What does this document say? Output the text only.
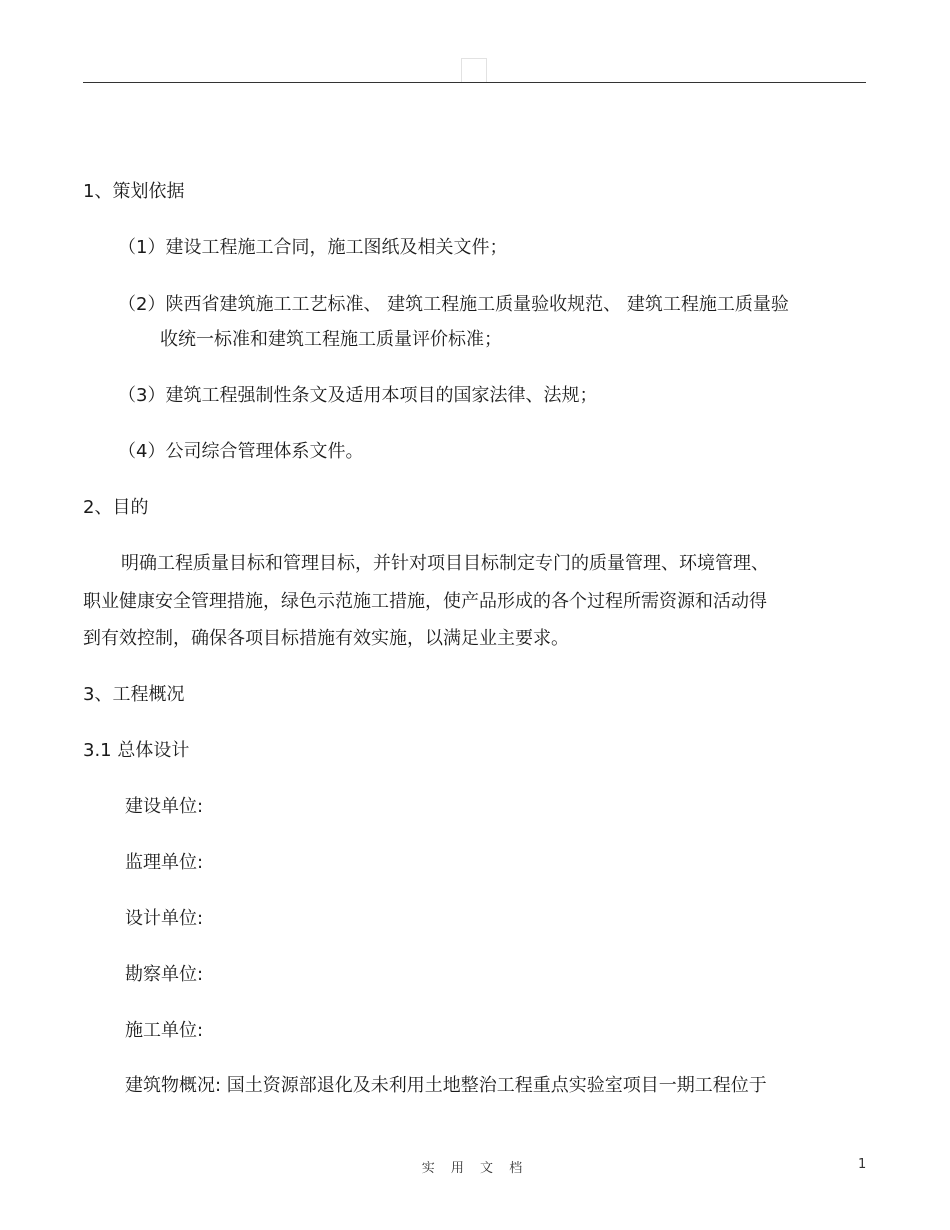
1、策划依据
（1）建设工程施工合同，施工图纸及相关文件；
（2）陕西省建筑施工工艺标准、 建筑工程施工质量验收规范、 建筑工程施工质量验
收统一标准和建筑工程施工质量评价标准；
（3）建筑工程强制性条文及适用本项目的国家法律、法规；
（4）公司综合管理体系文件。
2、目的
明确工程质量目标和管理目标，并针对项目目标制定专门的质量管理、环境管理、
职业健康安全管理措施，绿色示范施工措施，使产品形成的各个过程所需资源和活动得
到有效控制，确保各项目标措施有效实施，以满足业主要求。
3、工程概况
3.1 总体设计
建设单位:
监理单位:
设计单位:
勘察单位:
施工单位:
建筑物概况: 国土资源部退化及未利用土地整治工程重点实验室项目一期工程位于
实 用 文 档	1
